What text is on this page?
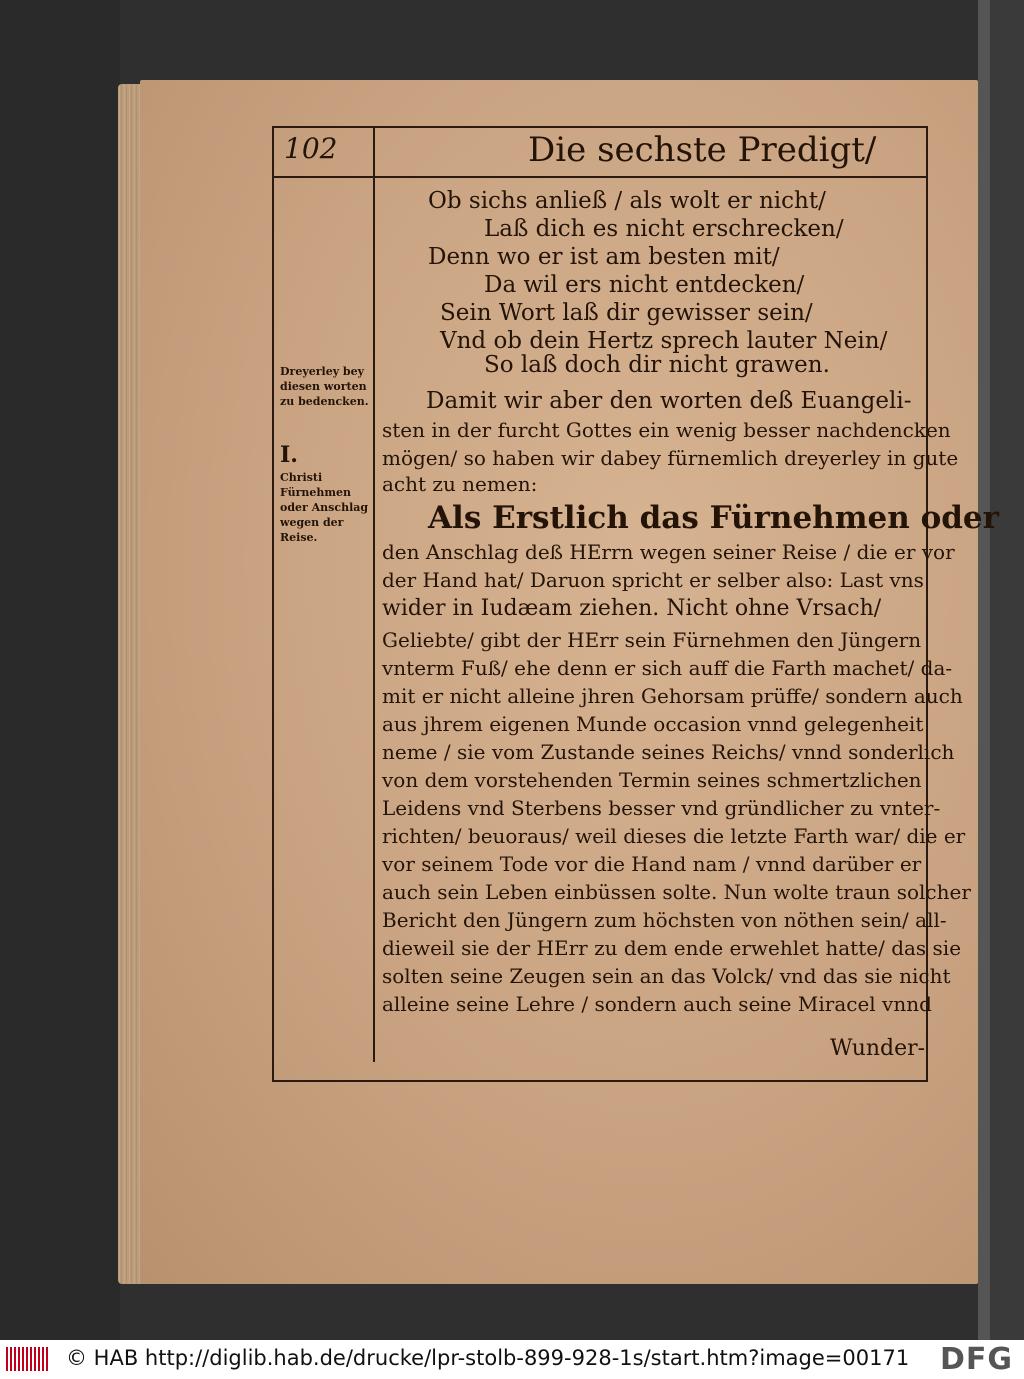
102	Die sechste Predigt/
Dreyerley bey diesen worten zu bedencken.
I.
Christi Fürnehmen oder Anschlag wegen der Reise.
Ob sichs anließ / als wolt er nicht/
Laß dich es nicht erschrecken/
Denn wo er ist am besten mit/
Da wil ers nicht entdecken/
Sein Wort laß dir gewisser sein/
Vnd ob dein Hertz sprech lauter Nein/
So laß doch dir nicht grawen.
Damit wir aber den worten deß Euangeli-
sten in der furcht Gottes ein wenig besser nachdencken
mögen/ so haben wir dabey fürnemlich dreyerley in gute
acht zu nemen:
Als Erstlich das Fürnehmen oder
den Anschlag deß HErrn wegen seiner Reise / die er vor
der Hand hat/ Daruon spricht er selber also: Last vns
wider in Iudæam ziehen. Nicht ohne Vrsach/
Geliebte/ gibt der HErr sein Fürnehmen den Jüngern
vnterm Fuß/ ehe denn er sich auff die Farth machet/ da-
mit er nicht alleine jhren Gehorsam prüffe/ sondern auch
aus jhrem eigenen Munde occasion vnnd gelegenheit
neme / sie vom Zustande seines Reichs/ vnnd sonderlich
von dem vorstehenden Termin seines schmertzlichen
Leidens vnd Sterbens besser vnd gründlicher zu vnter-
richten/ beuoraus/ weil dieses die letzte Farth war/ die er
vor seinem Tode vor die Hand nam / vnnd darüber er
auch sein Leben einbüssen solte. Nun wolte traun solcher
Bericht den Jüngern zum höchsten von nöthen sein/ all-
dieweil sie der HErr zu dem ende erwehlet hatte/ das sie
solten seine Zeugen sein an das Volck/ vnd das sie nicht
alleine seine Lehre / sondern auch seine Miracel vnnd
Wunder-
© HAB http://diglib.hab.de/drucke/lpr-stolb-899-928-1s/start.htm?image=00171 DFG
